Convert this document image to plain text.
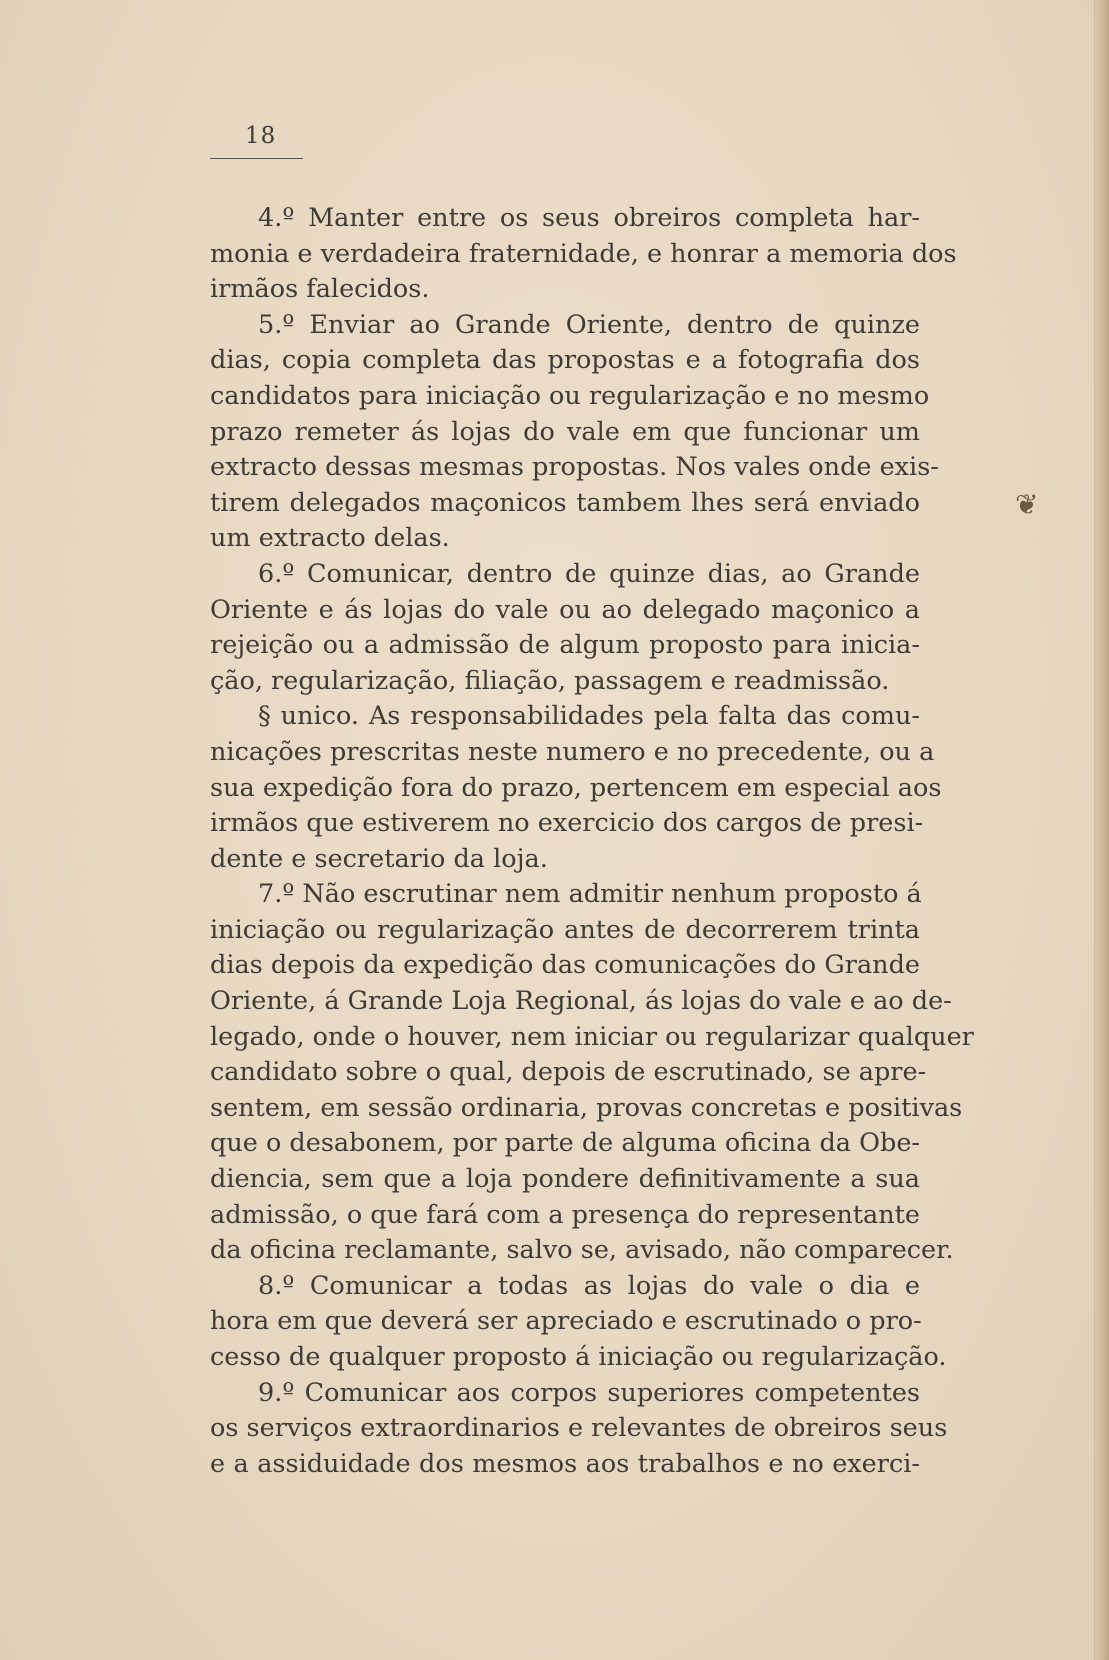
18
❦
4.º Manter entre os seus obreiros completa har-
monia e verdadeira fraternidade, e honrar a memoria dos
irmãos falecidos.
5.º Enviar ao Grande Oriente, dentro de quinze
dias, copia completa das propostas e a fotografia dos
candidatos para iniciação ou regularização e no mesmo
prazo remeter ás lojas do vale em que funcionar um
extracto dessas mesmas propostas. Nos vales onde exis-
tirem delegados maçonicos tambem lhes será enviado
um extracto delas.
6.º Comunicar, dentro de quinze dias, ao Grande
Oriente e ás lojas do vale ou ao delegado maçonico a
rejeição ou a admissão de algum proposto para inicia-
ção, regularização, filiação, passagem e readmissão.
§ unico. As responsabilidades pela falta das comu-
nicações prescritas neste numero e no precedente, ou a
sua expedição fora do prazo, pertencem em especial aos
irmãos que estiverem no exercicio dos cargos de presi-
dente e secretario da loja.
7.º Não escrutinar nem admitir nenhum proposto á
iniciação ou regularização antes de decorrerem trinta
dias depois da expedição das comunicações do Grande
Oriente, á Grande Loja Regional, ás lojas do vale e ao de-
legado, onde o houver, nem iniciar ou regularizar qualquer
candidato sobre o qual, depois de escrutinado, se apre-
sentem, em sessão ordinaria, provas concretas e positivas
que o desabonem, por parte de alguma oficina da Obe-
diencia, sem que a loja pondere definitivamente a sua
admissão, o que fará com a presença do representante
da oficina reclamante, salvo se, avisado, não comparecer.
8.º Comunicar a todas as lojas do vale o dia e
hora em que deverá ser apreciado e escrutinado o pro-
cesso de qualquer proposto á iniciação ou regularização.
9.º Comunicar aos corpos superiores competentes
os serviços extraordinarios e relevantes de obreiros seus
e a assiduidade dos mesmos aos trabalhos e no exerci-
